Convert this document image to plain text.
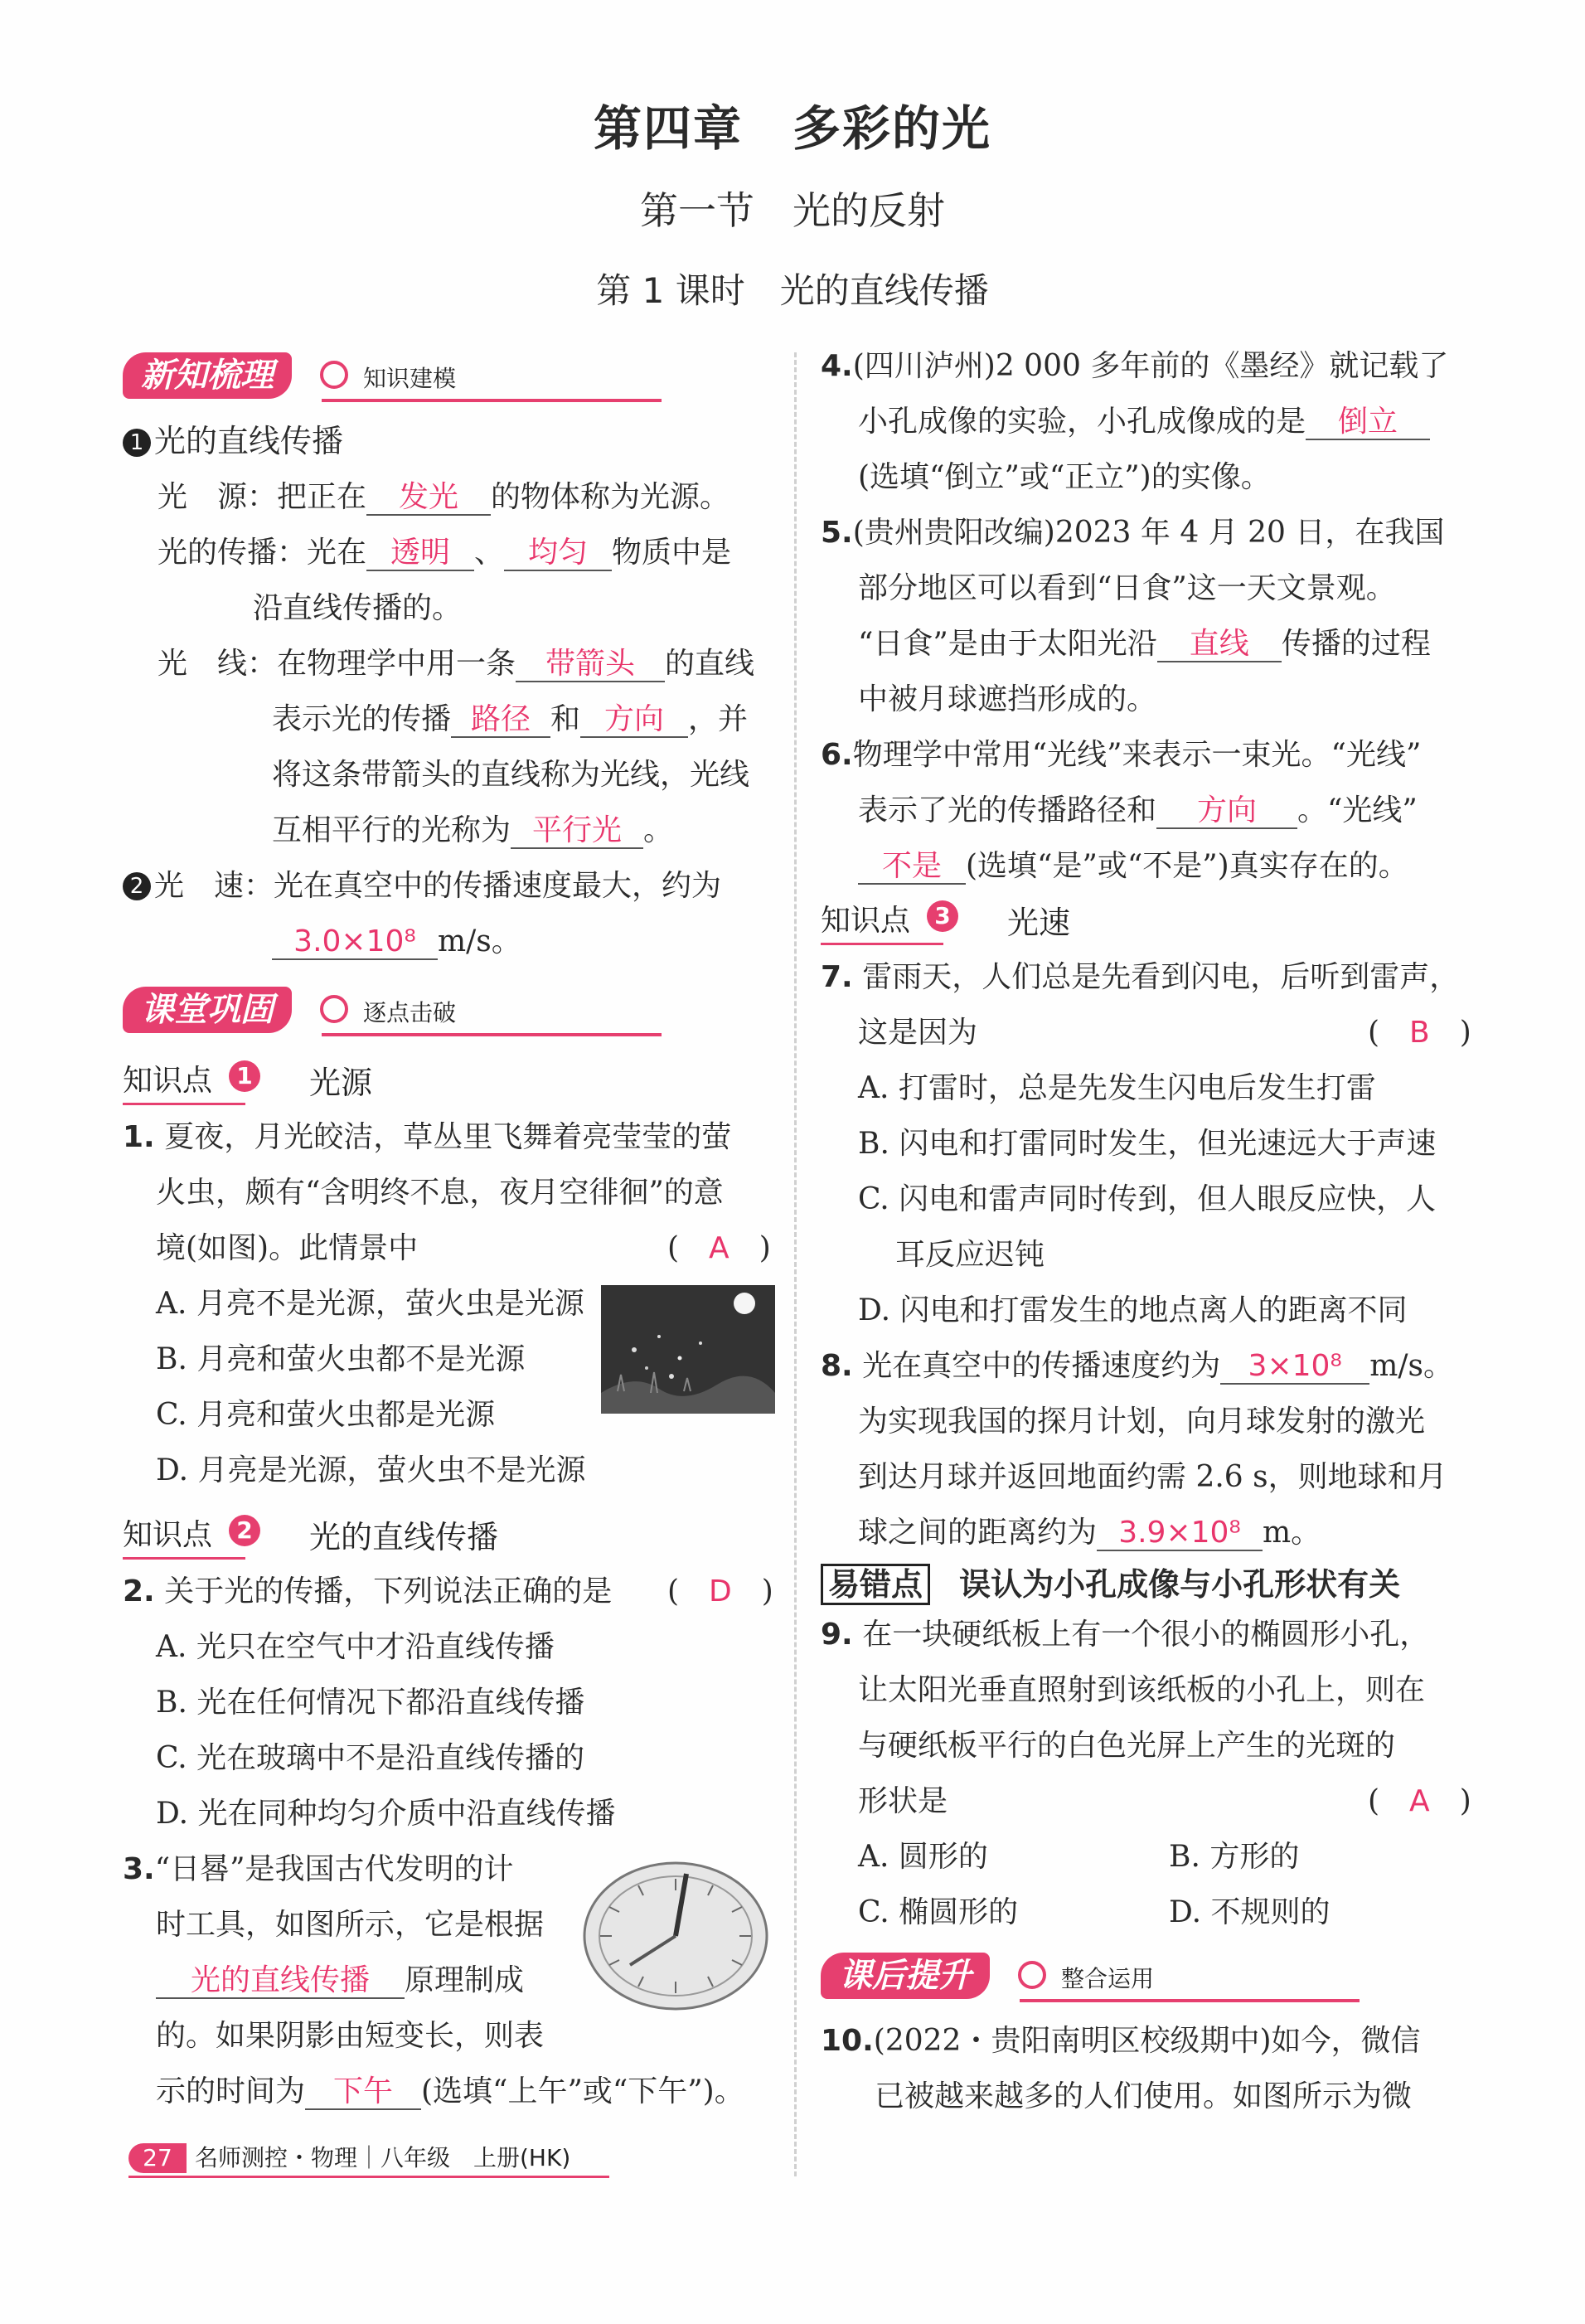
第四章　多彩的光
第一节　光的反射
第 1 课时　光的直线传播
新知梳理	知识建模
1 光的直线传播
光　源：把正在 发光 的物体称为光源。
光的传播：光在 透明 、 均匀 物质中是
沿直线传播的。
光　线：在物理学中用一条 带箭头 的直线
表示光的传播 路径 和 方向 ，并
将这条带箭头的直线称为光线，光线
互相平行的光称为 平行光 。
2 光　速：光在真空中的传播速度最大，约为
3.0×10⁸ m/s。
课堂巩固	逐点击破
知识点	1 光源
1. 夏夜，月光皎洁，草丛里飞舞着亮莹莹的萤
火虫，颇有“含明终不息，夜月空徘徊”的意
境(如图)。此情景中	(　A　)
A. 月亮不是光源，萤火虫是光源
B. 月亮和萤火虫都不是光源
C. 月亮和萤火虫都是光源
D. 月亮是光源，萤火虫不是光源
知识点	2 光的直线传播
2. 关于光的传播，下列说法正确的是 (　D　)
A. 光只在空气中才沿直线传播
B. 光在任何情况下都沿直线传播
C. 光在玻璃中不是沿直线传播的
D. 光在同种均匀介质中沿直线传播
3.“日晷”是我国古代发明的计
时工具，如图所示，它是根据
光的直线传播 原理制成
的。如果阴影由短变长，则表
示的时间为 下午 (选填“上午”或“下午”)。
4.(四川泸州)2 000 多年前的《墨经》就记载了
小孔成像的实验，小孔成像成的是 倒立
(选填“倒立”或“正立”)的实像。
5.(贵州贵阳改编)2023 年 4 月 20 日，在我国
部分地区可以看到“日食”这一天文景观。
“日食”是由于太阳光沿 直线 传播的过程
中被月球遮挡形成的。
6.物理学中常用“光线”来表示一束光。“光线”
表示了光的传播路径和 方向 。“光线”
不是 (选填“是”或“不是”)真实存在的。
知识点	3 光速
7. 雷雨天，人们总是先看到闪电，后听到雷声，
这是因为	(　B　)
A. 打雷时，总是先发生闪电后发生打雷
B. 闪电和打雷同时发生，但光速远大于声速
C. 闪电和雷声同时传到，但人眼反应快，人
耳反应迟钝
D. 闪电和打雷发生的地点离人的距离不同
8. 光在真空中的传播速度约为 3×10⁸ m/s。
为实现我国的探月计划，向月球发射的激光
到达月球并返回地面约需 2.6 s，则地球和月
球之间的距离约为 3.9×10⁸ m。
易错点 误认为小孔成像与小孔形状有关
9. 在一块硬纸板上有一个很小的椭圆形小孔，
让太阳光垂直照射到该纸板的小孔上，则在
与硬纸板平行的白色光屏上产生的光斑的
形状是	(　A　)
A. 圆形的	B. 方形的
C. 椭圆形的	D. 不规则的
课后提升	整合运用
10.(2022・贵阳南明区校级期中)如今，微信
已被越来越多的人们使用。如图所示为微
27 名师测控・物理｜八年级　上册(HK)
